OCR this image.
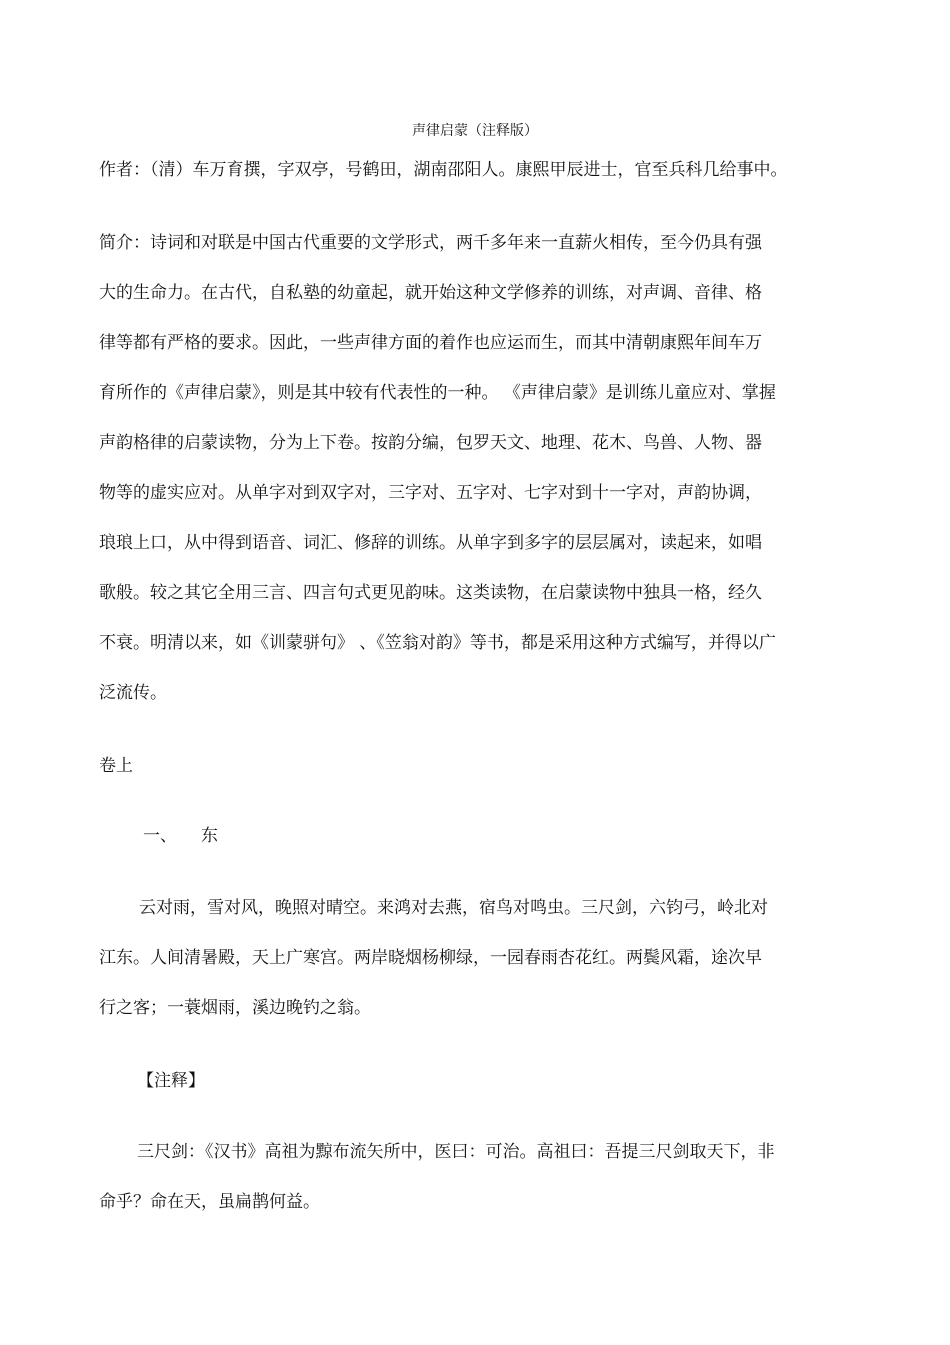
声律启蒙（注释版）
作者：（清）车万育撰，字双亭，号鹤田，湖南邵阳人。康熙甲辰进士，官至兵科几给事中。
简介：诗词和对联是中国古代重要的文学形式，两千多年来一直薪火相传，至今仍具有强
大的生命力。在古代，自私塾的幼童起，就开始这种文学修养的训练，对声调、音律、格
律等都有严格的要求。因此，一些声律方面的着作也应运而生，而其中清朝康熙年间车万
育所作的《声律启蒙》，则是其中较有代表性的一种。 《声律启蒙》是训练儿童应对、掌握
声韵格律的启蒙读物，分为上下卷。按韵分编，包罗天文、地理、花木、鸟兽、人物、器
物等的虚实应对。从单字对到双字对，三字对、五字对、七字对到十一字对，声韵协调，
琅琅上口，从中得到语音、词汇、修辞的训练。从单字到多字的层层属对，读起来，如唱
歌般。较之其它全用三言、四言句式更见韵味。这类读物，在启蒙读物中独具一格，经久
不衰。明清以来，如《训蒙骈句》 、《笠翁对韵》等书，都是采用这种方式编写，并得以广
泛流传。
卷上
一、 东
云对雨，雪对风，晚照对晴空。来鸿对去燕，宿鸟对鸣虫。三尺剑，六钧弓，岭北对
江东。人间清暑殿，天上广寒宫。两岸晓烟杨柳绿，一园春雨杏花红。两鬓风霜，途次早
行之客；一蓑烟雨，溪边晚钓之翁。
【注释】
三尺剑：《汉书》高祖为黥布流矢所中，医曰：可治。高祖曰：吾提三尺剑取天下，非
命乎？命在天，虽扁鹊何益。
